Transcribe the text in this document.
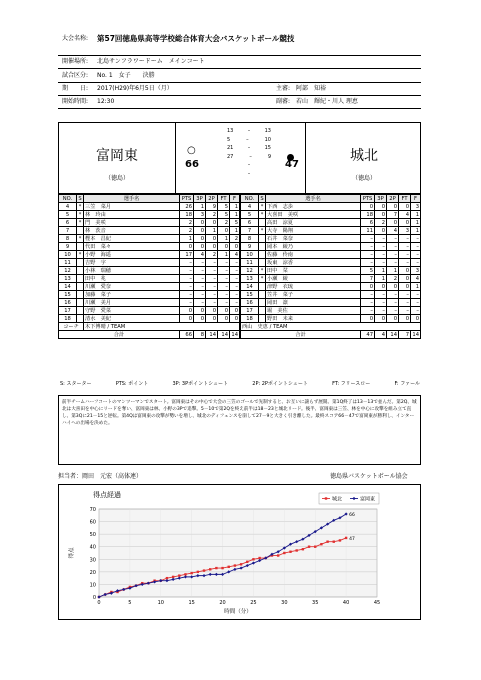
大会名称: 第57回徳島県高等学校総合体育大会バスケットボール競技
開催場所: 北島サンフラワードーム　メインコート
試合区分: No. 1　女子　　決勝
期　　日: 2017(H29)年6月5日（月）	主審: 阿部　知裕
開始時間: 12:30	副審: 若山　輝紀・川人 理恵
富岡東
（徳島）
城北
（徳島）
○
66	47
13	–	13
5	–	10
21	–	15
27	–	9
–
–
NO.	S	選手名	PTS	3P	2P	FT	F
4	*	三笠　菜月	26	1	9	5	1
5	*	林　玲由	18	3	2	5	1
6	*	門　美咲	2	0	0	2	5
7		林　茨音	2	0	1	0	1
8	*	樫本　昌紀	1	0	0	1	2
9		代田　菜々	0	0	0	0	0
10	*	小野　海遥	17	4	2	1	4
11		吉野　宇	–	–	–	–	–
12		小林　瑞穂	–	–	–	–	–
13		田中　兆	–	–	–	–	–
14		川瀬　愛奈	–	–	–	–	–
15		加藤　菜子	–	–	–	–	–
16		川瀬　美月	–	–	–	–	–
17		守野　愛菜	0	0	0	0	0
18		清水　美紀	0	0	0	0	0
コーチ		木下博晴 / TEAM					
合計			66	8	14	14	14
NO.	S	選手名	PTS	3P	2P	FT	F
4	*	下西　志歩	0	0	0	0	3
5	*	大喜田　美咲	18	0	7	4	1
6		高田　涼夏	6	2	0	0	1
7	*	大寺　陽翔	11	0	4	3	1
8		石井　菜奈	–	–	–	–	–
9		岡本　綾乃	–	–	–	–	–
10		佐藤　伶南	–	–	–	–	–
11		坂東　涼香	–	–	–	–	–
12	*	田中　栞	5	1	1	0	3
13	*	小瀬　綾	7	1	2	0	4
14		津野　衣琉	0	0	0	0	1
15		笠井　菜子	–	–	–	–	–
16		岡田　凛	–	–	–	–	–
17		堀　美佐	–	–	–	–	–
18		野田　未来	0	0	0	0	0
西山　史恵 / TEAM							
合計			47	4	14	7	14
S: スターター	PTS: ポイント	3P: 3Pポイントシュート	2P: 2Pポイントシュート	FT: フリースロー	F: ファール
前半チームハーフコートのマンツーマンでスタート。富岡東はその中心で大会の三笠のゴールで先制すると、お互いに譲らず展開。第1Q終了は13－13で並んだ。第2Q、城北は大喜田を中心にリードを奪い、富岡東は林、小野の3Pで追撃。5－10で第2Qを終え前半は18－23と城北リード。後半、富岡東は三笠、林を中心に攻撃を組み立て直し、第3Qに21－15と逆転。第4Qは富岡東の攻撃が勢いを増し、城北のディフェンスを崩して27－9と大きく引き離した。最終スコア66－47で富岡東が勝利し、インターハイへの出場を決めた。
担当者：岡田　元宏（高体連）	徳島県バスケットボール協会
得点経過
0
10
20
30
40
50
60
70
0	5	10	15	20	25	30	35	40	45
時間（分）
得点
66
47
城北	富岡東
